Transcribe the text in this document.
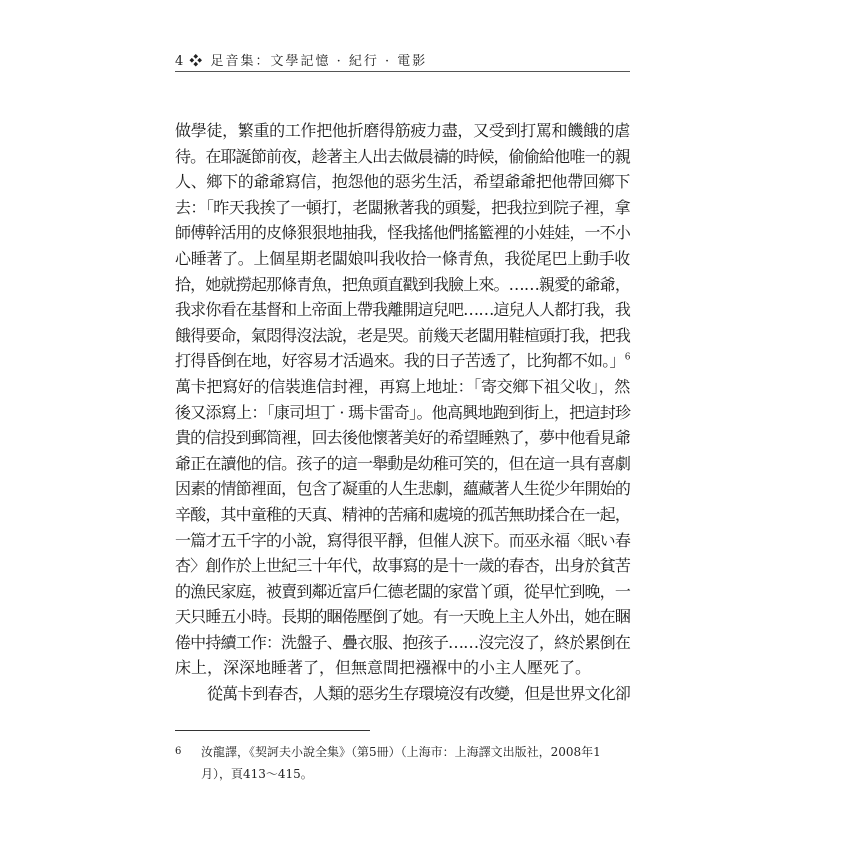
4 ❖ 足音集：文學記憶 · 紀行 · 電影
做學徒，繁重的工作把他折磨得筋疲力盡，又受到打罵和饑餓的虐
待。在耶誕節前夜，趁著主人出去做晨禱的時候，偷偷給他唯一的親
人、鄉下的爺爺寫信，抱怨他的惡劣生活，希望爺爺把他帶回鄉下
去：「昨天我挨了一頓打，老闆揪著我的頭髮，把我拉到院子裡，拿
師傅幹活用的皮條狠狠地抽我，怪我搖他們搖籃裡的小娃娃，一不小
心睡著了。上個星期老闆娘叫我收拾一條青魚，我從尾巴上動手收
拾，她就撈起那條青魚，把魚頭直戳到我臉上來。……親愛的爺爺，
我求你看在基督和上帝面上帶我離開這兒吧……這兒人人都打我，我
餓得要命，氣悶得沒法說，老是哭。前幾天老闆用鞋楦頭打我，把我
打得昏倒在地，好容易才活過來。我的日子苦透了，比狗都不如。」$^6$
萬卡把寫好的信裝進信封裡，再寫上地址：「寄交鄉下祖父收」，然
後又添寫上：「康司坦丁 · 瑪卡雷奇」。他高興地跑到街上，把這封珍
貴的信投到郵筒裡，回去後他懷著美好的希望睡熟了，夢中他看見爺
爺正在讀他的信。孩子的這一舉動是幼稚可笑的，但在這一具有喜劇
因素的情節裡面，包含了凝重的人生悲劇，蘊藏著人生從少年開始的
辛酸，其中童稚的天真、精神的苦痛和處境的孤苦無助揉合在一起，
一篇才五千字的小說，寫得很平靜，但催人淚下。而巫永福〈眠い春
杏〉創作於上世紀三十年代，故事寫的是十一歲的春杏，出身於貧苦
的漁民家庭，被賣到鄰近富戶仁德老闆的家當丫頭，從早忙到晚，一
天只睡五小時。長期的睏倦壓倒了她。有一天晚上主人外出，她在睏
倦中持續工作：洗盤子、疊衣服、抱孩子……沒完沒了，終於累倒在
床上，深深地睡著了，但無意間把襁褓中的小主人壓死了。
從萬卡到春杏，人類的惡劣生存環境沒有改變，但是世界文化卻
6 汝龍譯，《契訶夫小說全集》（第5冊）（上海市：上海譯文出版社，2008年1
月），頁413～415。
